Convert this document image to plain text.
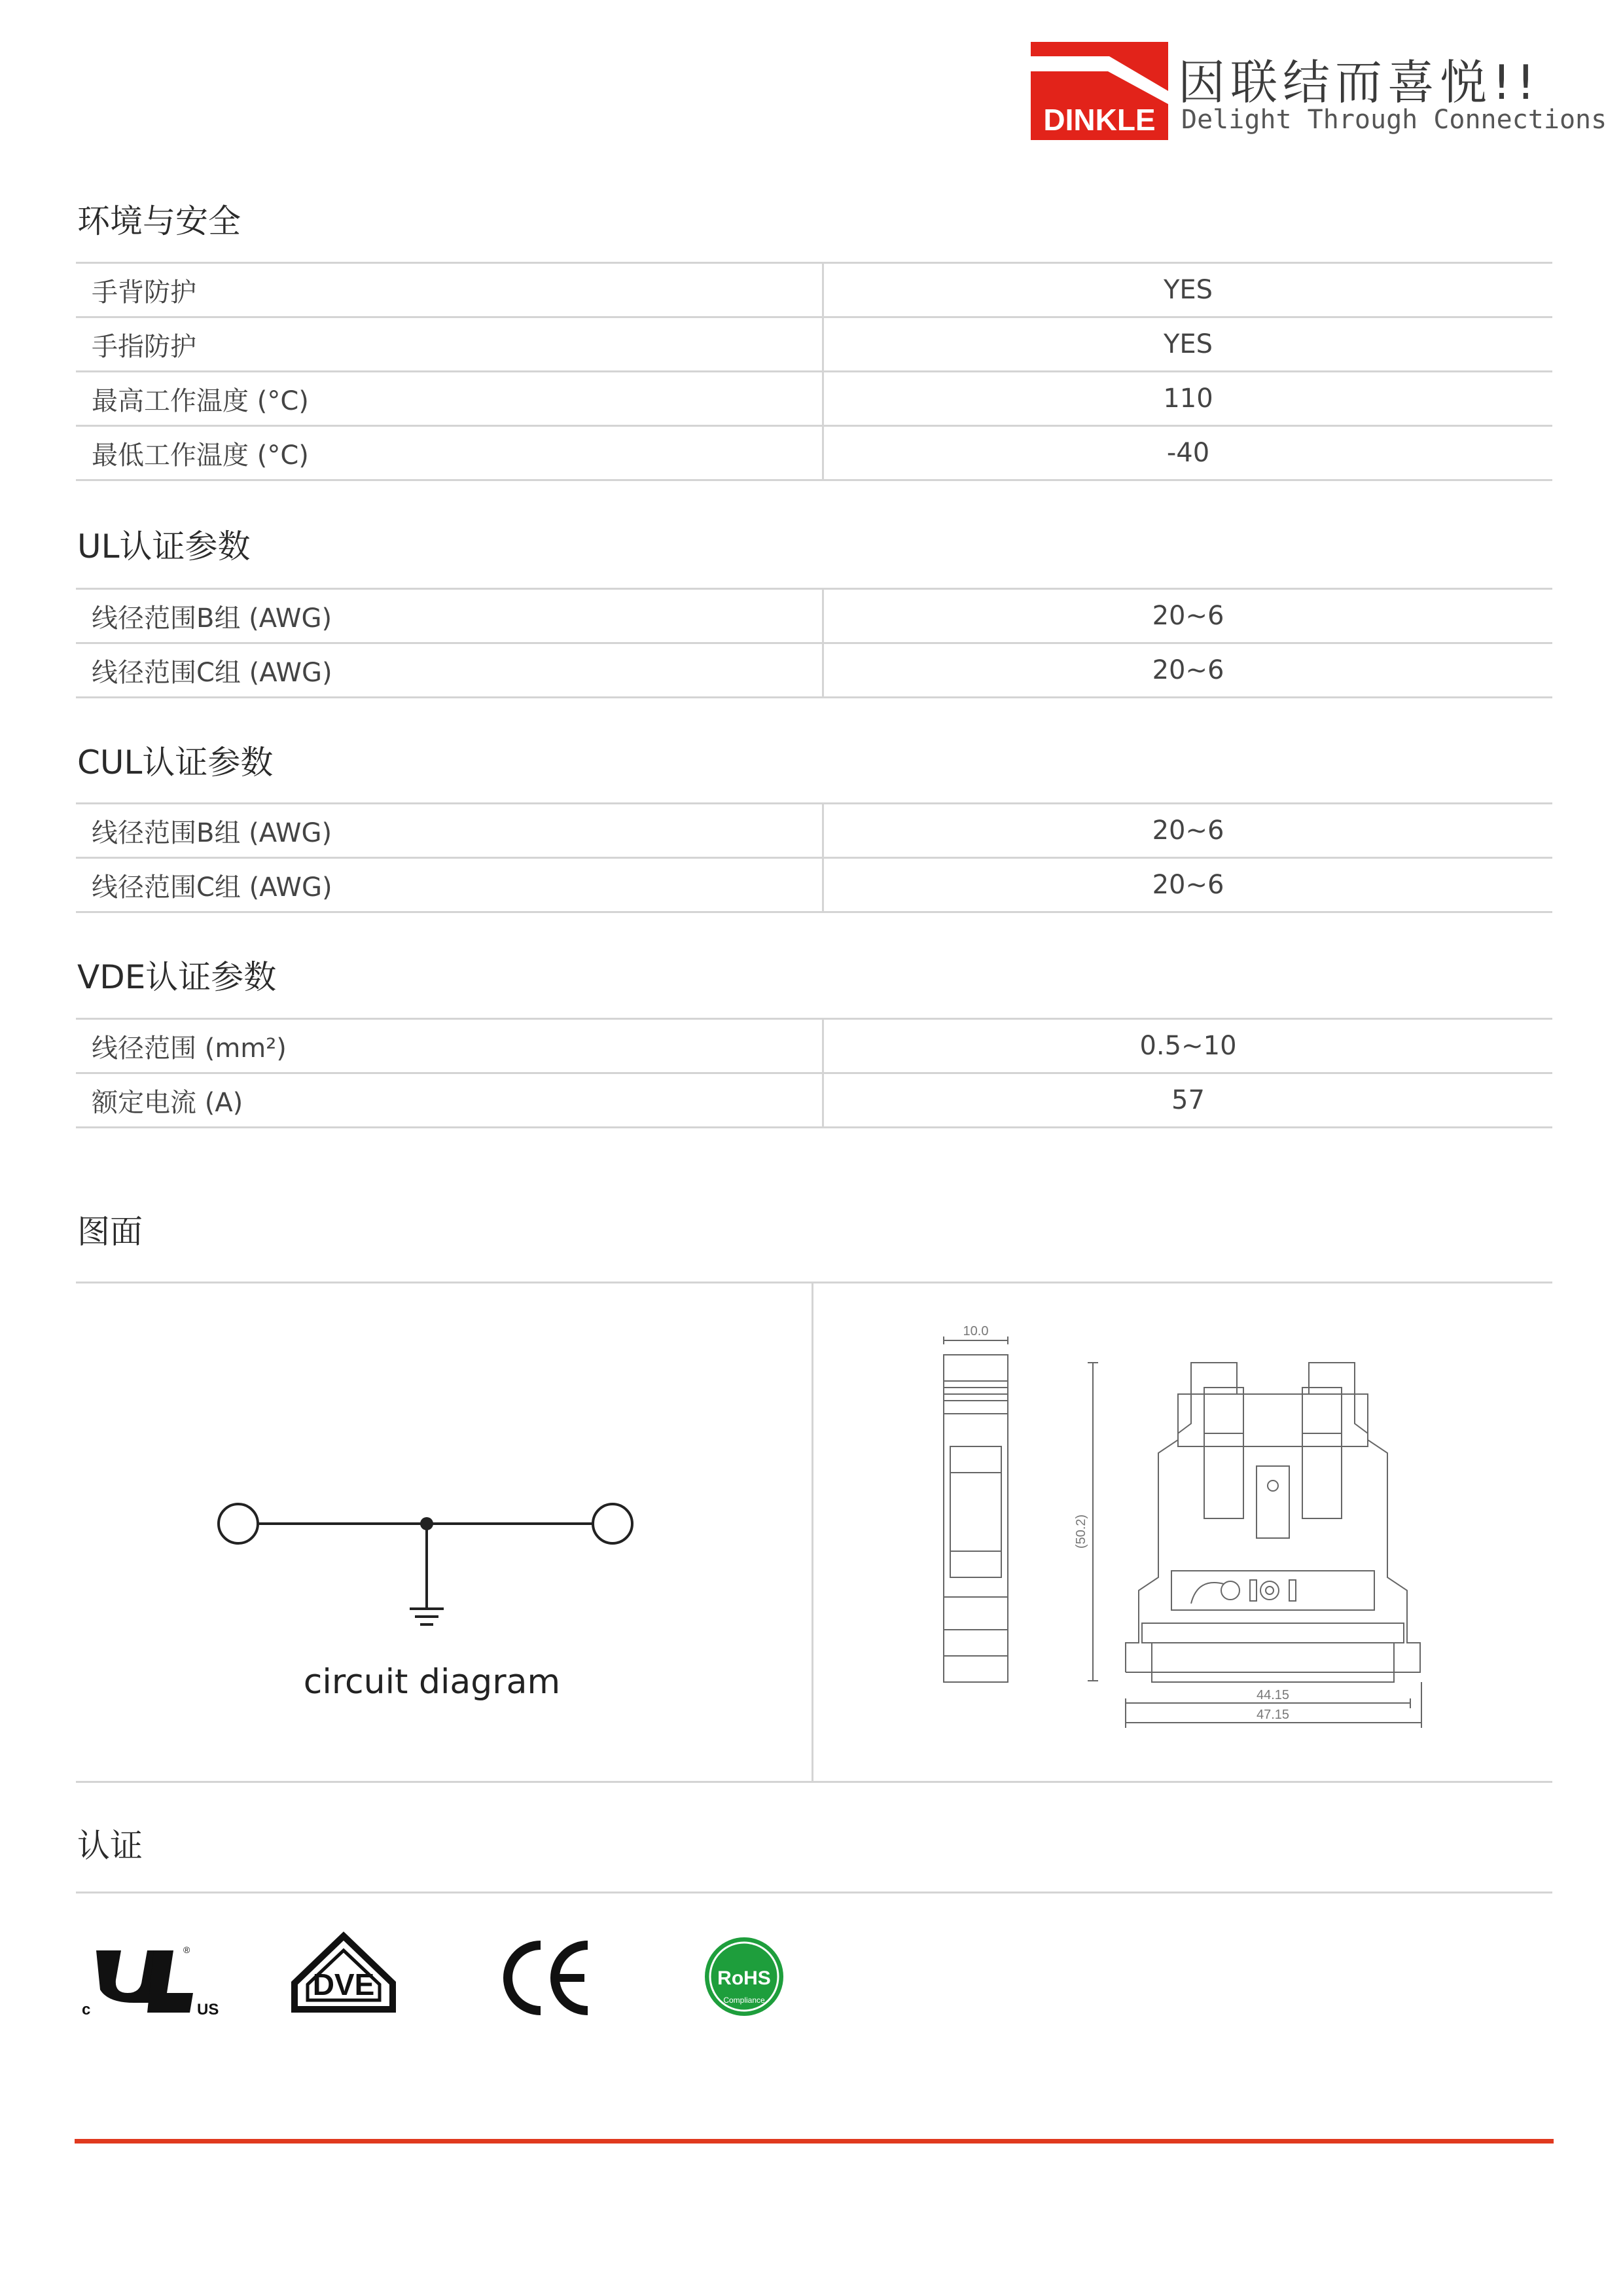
DINKLE
因联结而喜悦!!
Delight Through Connections
环境与安全
手背防护	YES
手指防护	YES
最高工作温度 (°C)	110
最低工作温度 (°C)	-40
UL认证参数
线径范围B组 (AWG)	20~6
线径范围C组 (AWG)	20~6
CUL认证参数
线径范围B组 (AWG)	20~6
线径范围C组 (AWG)	20~6
VDE认证参数
线径范围 (mm²)	0.5~10
额定电流 (A)	57
图面
circuit diagram
10.0
(50.2)
44.15
47.15
认证
c	US
®
DVE	RoHS
Compliance
